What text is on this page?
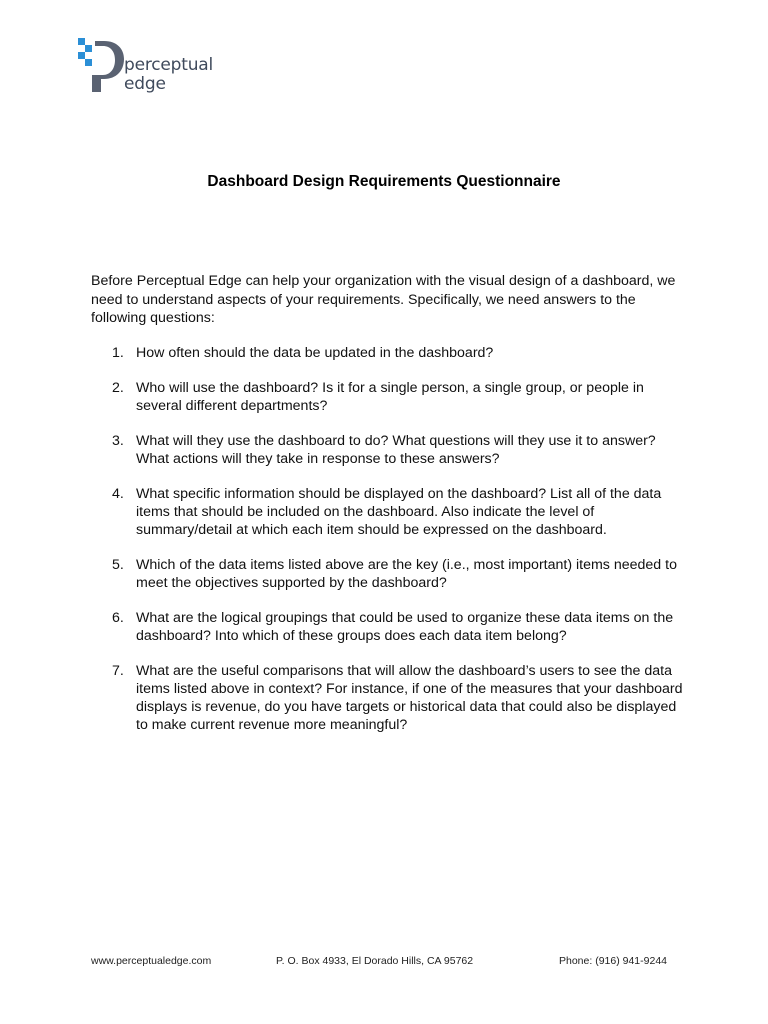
perceptual
edge
Dashboard Design Requirements Questionnaire

Before Perceptual Edge can help your organization with the visual design of a dashboard, we need to understand aspects of your requirements. Specifically, we need answers to the following questions:

1. How often should the data be updated in the dashboard?
2. Who will use the dashboard? Is it for a single person, a single group, or people in several different departments?
3. What will they use the dashboard to do? What questions will they use it to answer? What actions will they take in response to these answers?
4. What specific information should be displayed on the dashboard? List all of the data items that should be included on the dashboard. Also indicate the level of summary/detail at which each item should be expressed on the dashboard.
5. Which of the data items listed above are the key (i.e., most important) items needed to meet the objectives supported by the dashboard?
6. What are the logical groupings that could be used to organize these data items on the dashboard? Into which of these groups does each data item belong?
7. What are the useful comparisons that will allow the dashboard’s users to see the data items listed above in context? For instance, if one of the measures that your dashboard displays is revenue, do you have targets or historical data that could also be displayed to make current revenue more meaningful?
www.perceptualedge.com	P. O. Box 4933, El Dorado Hills, CA 95762	Phone: (916) 941-9244
